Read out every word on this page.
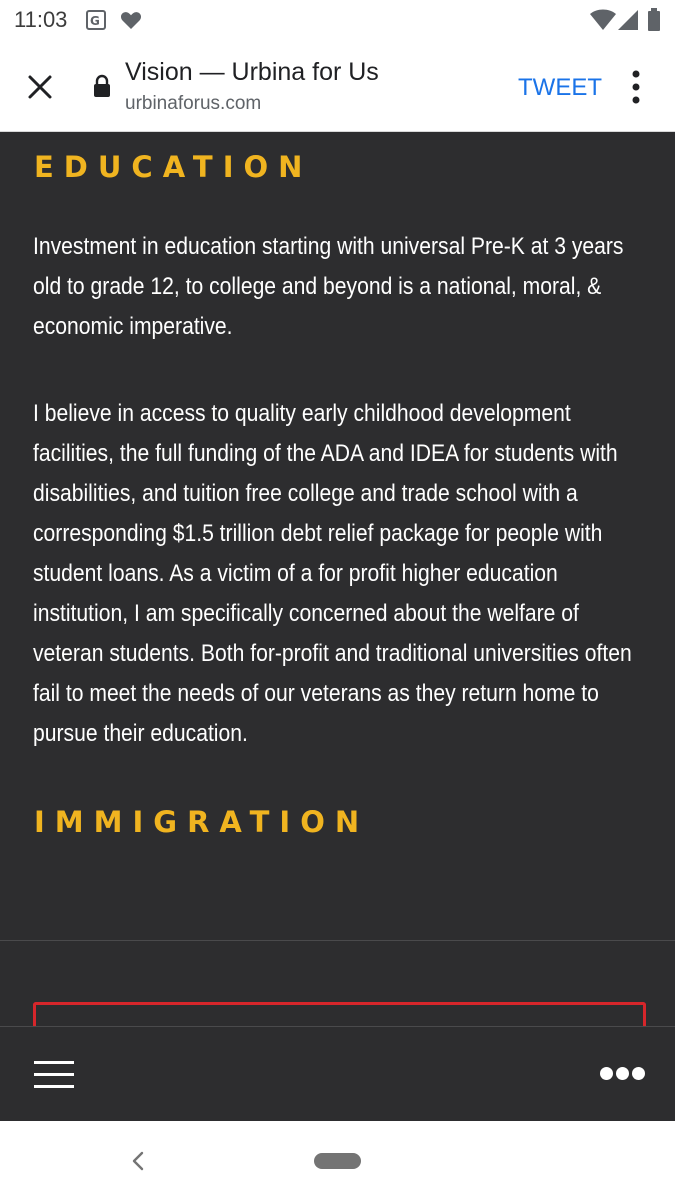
11:03 G
Vision — Urbina for Us
urbinaforus.com
TWEET
EDUCATION

Investment in education starting with universal Pre-K at 3 years old to grade 12, to college and beyond is a national, moral, & economic imperative.

I believe in access to quality early childhood development facilities, the full funding of the ADA and IDEA for students with disabilities, and tuition free college and trade school with a corresponding $1.5 trillion debt relief package for people with student loans. As a victim of a for profit higher education institution, I am specifically concerned about the welfare of veteran students. Both for-profit and traditional universities often fail to meet the needs of our veterans as they return home to pursue their education.

IMMIGRATION
